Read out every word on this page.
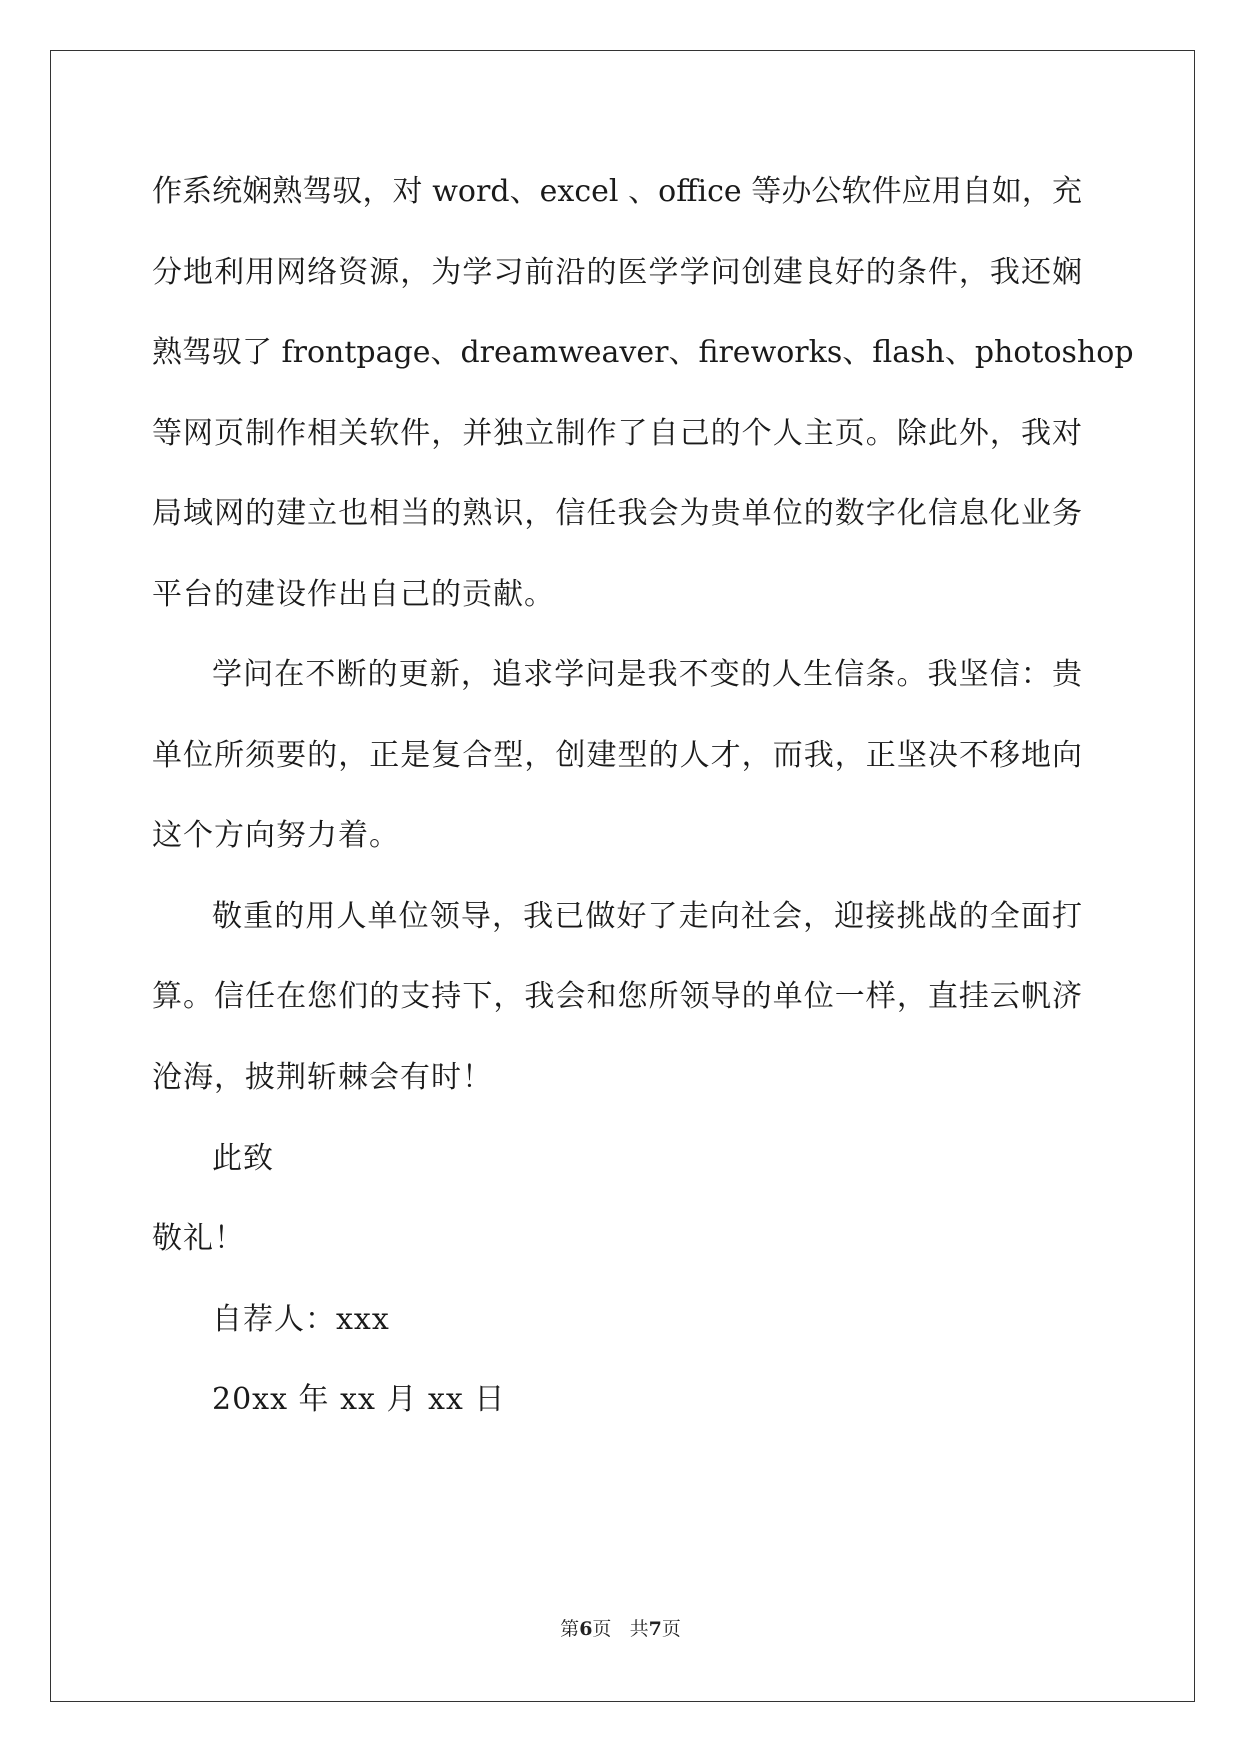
作系统娴熟驾驭，对 word、excel 、office 等办公软件应用自如，充
分地利用网络资源，为学习前沿的医学学问创建良好的条件，我还娴
熟驾驭了 frontpage、dreamweaver、fireworks、flash、photoshop
等网页制作相关软件，并独立制作了自己的个人主页。除此外，我对
局域网的建立也相当的熟识，信任我会为贵单位的数字化信息化业务
平台的建设作出自己的贡献。
学问在不断的更新，追求学问是我不变的人生信条。我坚信：贵
单位所须要的，正是复合型，创建型的人才，而我，正坚决不移地向
这个方向努力着。
敬重的用人单位领导，我已做好了走向社会，迎接挑战的全面打
算。信任在您们的支持下，我会和您所领导的单位一样，直挂云帆济
沧海，披荆斩棘会有时！
此致
敬礼！
自荐人：xxx
20xx 年 xx 月 xx 日
第6页 共7页
